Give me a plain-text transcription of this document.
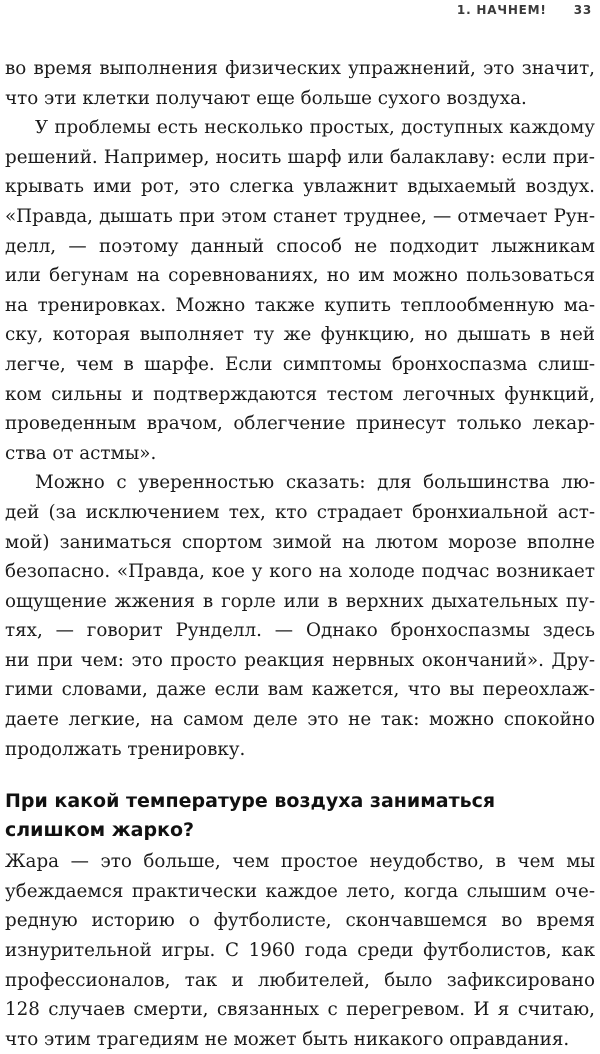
1. НАЧНЕМ! 33

во время выполнения физических упражнений, это значит,
что эти клетки получают еще больше сухого воздуха.

У проблемы есть несколько простых, доступных каждому
решений. Например, носить шарф или балаклаву: если при-
крывать ими рот, это слегка увлажнит вдыхаемый воздух.
«Правда, дышать при этом станет труднее, — отмечает Рун-
делл, — поэтому данный способ не подходит лыжникам
или бегунам на соревнованиях, но им можно пользоваться
на тренировках. Можно также купить теплообменную ма-
ску, которая выполняет ту же функцию, но дышать в ней
легче, чем в шарфе. Если симптомы бронхоспазма слиш-
ком сильны и подтверждаются тестом легочных функций,
проведенным врачом, облегчение принесут только лекар-
ства от астмы».

Можно с уверенностью сказать: для большинства лю-
дей (за исключением тех, кто страдает бронхиальной аст-
мой) заниматься спортом зимой на лютом морозе вполне
безопасно. «Правда, кое у кого на холоде подчас возникает
ощущение жжения в горле или в верхних дыхательных пу-
тях, — говорит Рунделл. — Однако бронхоспазмы здесь
ни при чем: это просто реакция нервных окончаний». Дру-
гими словами, даже если вам кажется, что вы переохлаж-
даете легкие, на самом деле это не так: можно спокойно
продолжать тренировку.

При какой температуре воздуха заниматься
слишком жарко?

Жара — это больше, чем простое неудобство, в чем мы
убеждаемся практически каждое лето, когда слышим оче-
редную историю о футболисте, скончавшемся во время
изнурительной игры. С 1960 года среди футболистов, как
профессионалов, так и любителей, было зафиксировано
128 случаев смерти, связанных с перегревом. И я считаю,
что этим трагедиям не может быть никакого оправдания.
